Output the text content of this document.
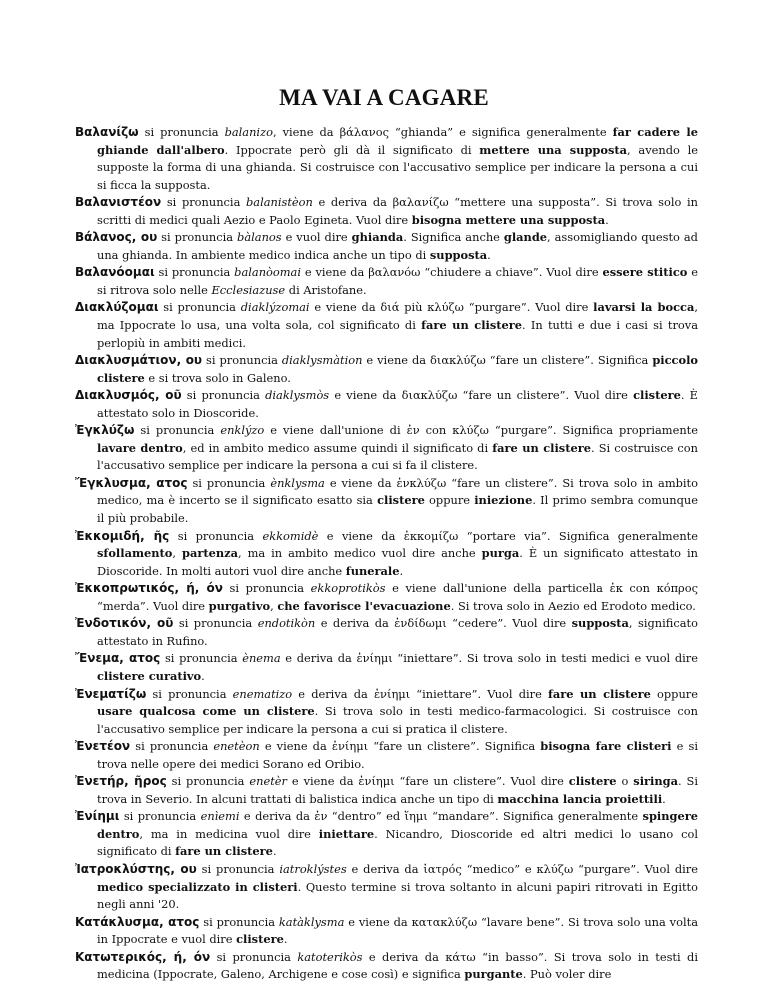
MA VAI A CAGARE

Βαλανίζω si pronuncia balanizo, viene da βάλανος “ghianda” e significa generalmente far cadere le ghiande dall'albero. Ippocrate però gli dà il significato di mettere una supposta, avendo le supposte la forma di una ghianda. Si costruisce con l'accusativo semplice per indicare la persona a cui si ficca la supposta.

Βαλανιστέον si pronuncia balanistèon e deriva da βαλανίζω “mettere una supposta”. Si trova solo in scritti di medici quali Aezio e Paolo Egineta. Vuol dire bisogna mettere una supposta.

Βάλανος, ου si pronuncia bàlanos e vuol dire ghianda. Significa anche glande, assomigliando questo ad una ghianda. In ambiente medico indica anche un tipo di supposta.

Βαλανόομαι si pronuncia balanòomai e viene da βαλανόω “chiudere a chiave”. Vuol dire essere stitico e si ritrova solo nelle Ecclesiazuse di Aristofane.

Διακλύζομαι si pronuncia diaklýzomai e viene da διά più κλύζω “purgare”. Vuol dire lavarsi la bocca, ma Ippocrate lo usa, una volta sola, col significato di fare un clistere. In tutti e due i casi si trova perlopiù in ambiti medici.

Διακλυσμάτιον, ου si pronuncia diaklysmàtion e viene da διακλύζω “fare un clistere”. Significa piccolo clistere e si trova solo in Galeno.

Διακλυσμός, οῦ si pronuncia diaklysmòs e viene da διακλύζω “fare un clistere”. Vuol dire clistere. È attestato solo in Dioscoride.

Ἐγκλύζω si pronuncia enklýzo e viene dall'unione di ἐν con κλύζω “purgare”. Significa propriamente lavare dentro, ed in ambito medico assume quindi il significato di fare un clistere. Si costruisce con l'accusativo semplice per indicare la persona a cui si fa il clistere.

Ἔγκλυσμα, ατος si pronuncia ènklysma e viene da ἐνκλύζω “fare un clistere”. Si trova solo in ambito medico, ma è incerto se il significato esatto sia clistere oppure iniezione. Il primo sembra comunque il più probabile.

Ἐκκομιδή, ῆς si pronuncia ekkomidè e viene da ἐκκομίζω “portare via”. Significa generalmente sfollamento, partenza, ma in ambito medico vuol dire anche purga. È un significato attestato in Dioscoride. In molti autori vuol dire anche funerale.

Ἐκκοπρωτικός, ή, όν si pronuncia ekkoprotikòs e viene dall'unione della particella ἐκ con κόπρος “merda”. Vuol dire purgativo, che favorisce l'evacuazione. Si trova solo in Aezio ed Erodoto medico.

Ἐνδοτικόν, οῦ si pronuncia endotikòn e deriva da ἐνδίδωμι “cedere”. Vuol dire supposta, significato attestato in Rufino.

Ἔνεμα, ατος si pronuncia ènema e deriva da ἐνίημι “iniettare”. Si trova solo in testi medici e vuol dire clistere curativo.

Ἐνεματίζω si pronuncia enematizo e deriva da ἐνίημι “iniettare”. Vuol dire fare un clistere oppure usare qualcosa come un clistere. Si trova solo in testi medico-farmacologici. Si costruisce con l'accusativo semplice per indicare la persona a cui si pratica il clistere.

Ἐνετέον si pronuncia enetèon e viene da ἐνίημι “fare un clistere”. Significa bisogna fare clisteri e si trova nelle opere dei medici Sorano ed Oribio.

Ἐνετήρ, ῆρος si pronuncia enetèr e viene da ἐνίημι “fare un clistere”. Vuol dire clistere o siringa. Si trova in Severio. In alcuni trattati di balistica indica anche un tipo di macchina lancia proiettili.

Ἐνίημι si pronuncia enìemi e deriva da ἐν “dentro” ed ἵημι “mandare”. Significa generalmente spingere dentro, ma in medicina vuol dire iniettare. Nicandro, Dioscoride ed altri medici lo usano col significato di fare un clistere.

Ἰατροκλύστης, ου si pronuncia iatroklýstes e deriva da ἰατρός “medico” e κλύζω “purgare”. Vuol dire medico specializzato in clisteri. Questo termine si trova soltanto in alcuni papiri ritrovati in Egitto negli anni '20.

Κατάκλυσμα, ατος si pronuncia katàklysma e viene da κατακλύζω “lavare bene”. Si trova solo una volta in Ippocrate e vuol dire clistere.

Κατωτερικός, ή, όν si pronuncia katoterikòs e deriva da κάτω “in basso”. Si trova solo in testi di medicina (Ippocrate, Galeno, Archigene e cose così) e significa purgante. Può voler dire
